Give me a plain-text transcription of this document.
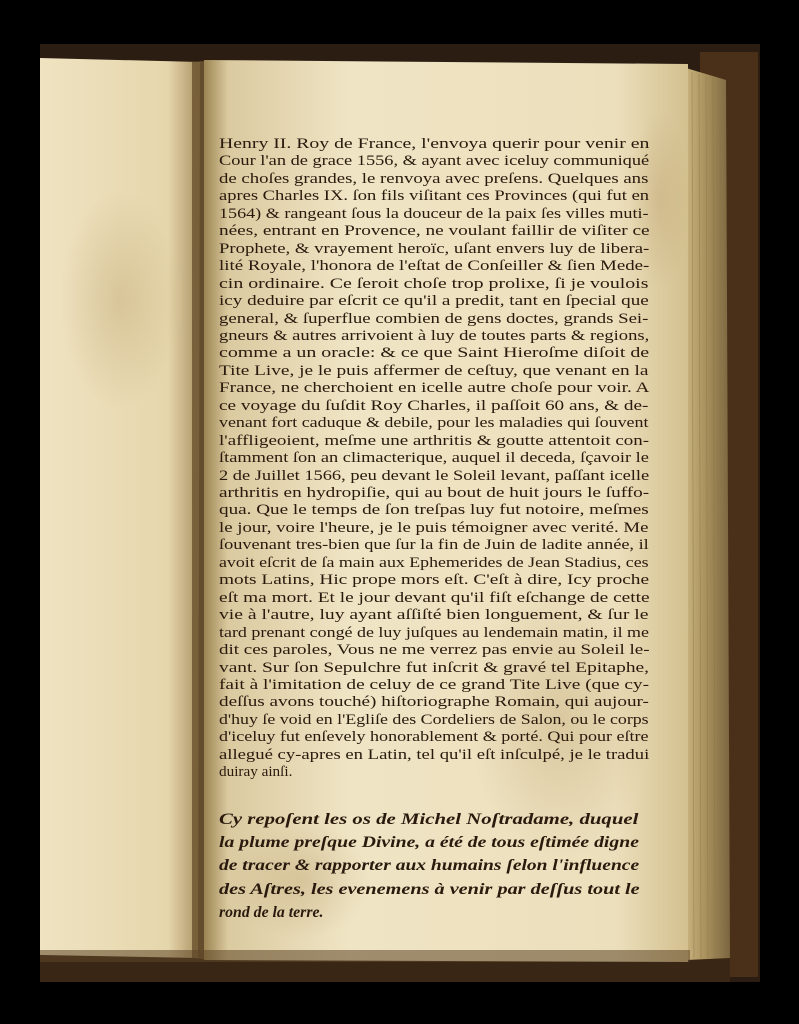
Henry II. Roy de France, l'envoya querir pour venir en
Cour l'an de grace 1556, & ayant avec iceluy communiqué
de choſes grandes, le renvoya avec preſens. Quelques ans
apres Charles IX. ſon fils viſitant ces Provinces (qui fut en
1564) & rangeant ſous la douceur de la paix ſes villes muti-
nées, entrant en Provence, ne voulant faillir de viſiter ce
Prophete, & vrayement heroïc, uſant envers luy de libera-
lité Royale, l'honora de l'eſtat de Conſeiller & ſien Mede-
cin ordinaire. Ce ſeroit choſe trop prolixe, ſi je voulois
icy deduire par eſcrit ce qu'il a predit, tant en ſpecial que
general, & ſuperflue combien de gens doctes, grands Sei-
gneurs & autres arrivoient à luy de toutes parts & regions,
comme a un oracle: & ce que Saint Hieroſme diſoit de
Tite Live, je le puis affermer de ceſtuy, que venant en la
France, ne cherchoient en icelle autre choſe pour voir. A
ce voyage du ſuſdit Roy Charles, il paſſoit 60 ans, & de-
venant fort caduque & debile, pour les maladies qui ſouvent
l'affligeoient, meſme une arthritis & goutte attentoit con-
ſtamment ſon an climacterique, auquel il deceda, ſçavoir le
2 de Juillet 1566, peu devant le Soleil levant, paſſant icelle
arthritis en hydropiſie, qui au bout de huit jours le ſuffo-
qua. Que le temps de ſon treſpas luy fut notoire, meſmes
le jour, voire l'heure, je le puis témoigner avec verité. Me
ſouvenant tres-bien que ſur la fin de Juin de ladite année, il
avoit eſcrit de ſa main aux Ephemerides de Jean Stadius, ces
mots Latins, Hic prope mors eſt. C'eſt à dire, Icy proche
eſt ma mort. Et le jour devant qu'il fiſt eſchange de cette
vie à l'autre, luy ayant aſſiſté bien longuement, & ſur le
tard prenant congé de luy juſques au lendemain matin, il me
dit ces paroles, Vous ne me verrez pas envie au Soleil le-
vant. Sur ſon Sepulchre fut inſcrit & gravé tel Epitaphe,
fait à l'imitation de celuy de ce grand Tite Live (que cy-
deſſus avons touché) hiſtoriographe Romain, qui aujour-
d'huy ſe void en l'Egliſe des Cordeliers de Salon, ou le corps
d'iceluy fut enſevely honorablement & porté. Qui pour eſtre
allegué cy-apres en Latin, tel qu'il eſt inſculpé, je le tradui
duiray ainſi.
Cy repoſent les os de Michel Noſtradame, duquel
la plume preſque Divine, a été de tous eſtimée digne
de tracer & rapporter aux humains ſelon l'influence
des Aſtres, les evenemens à venir par deſſus tout le
rond de la terre.
